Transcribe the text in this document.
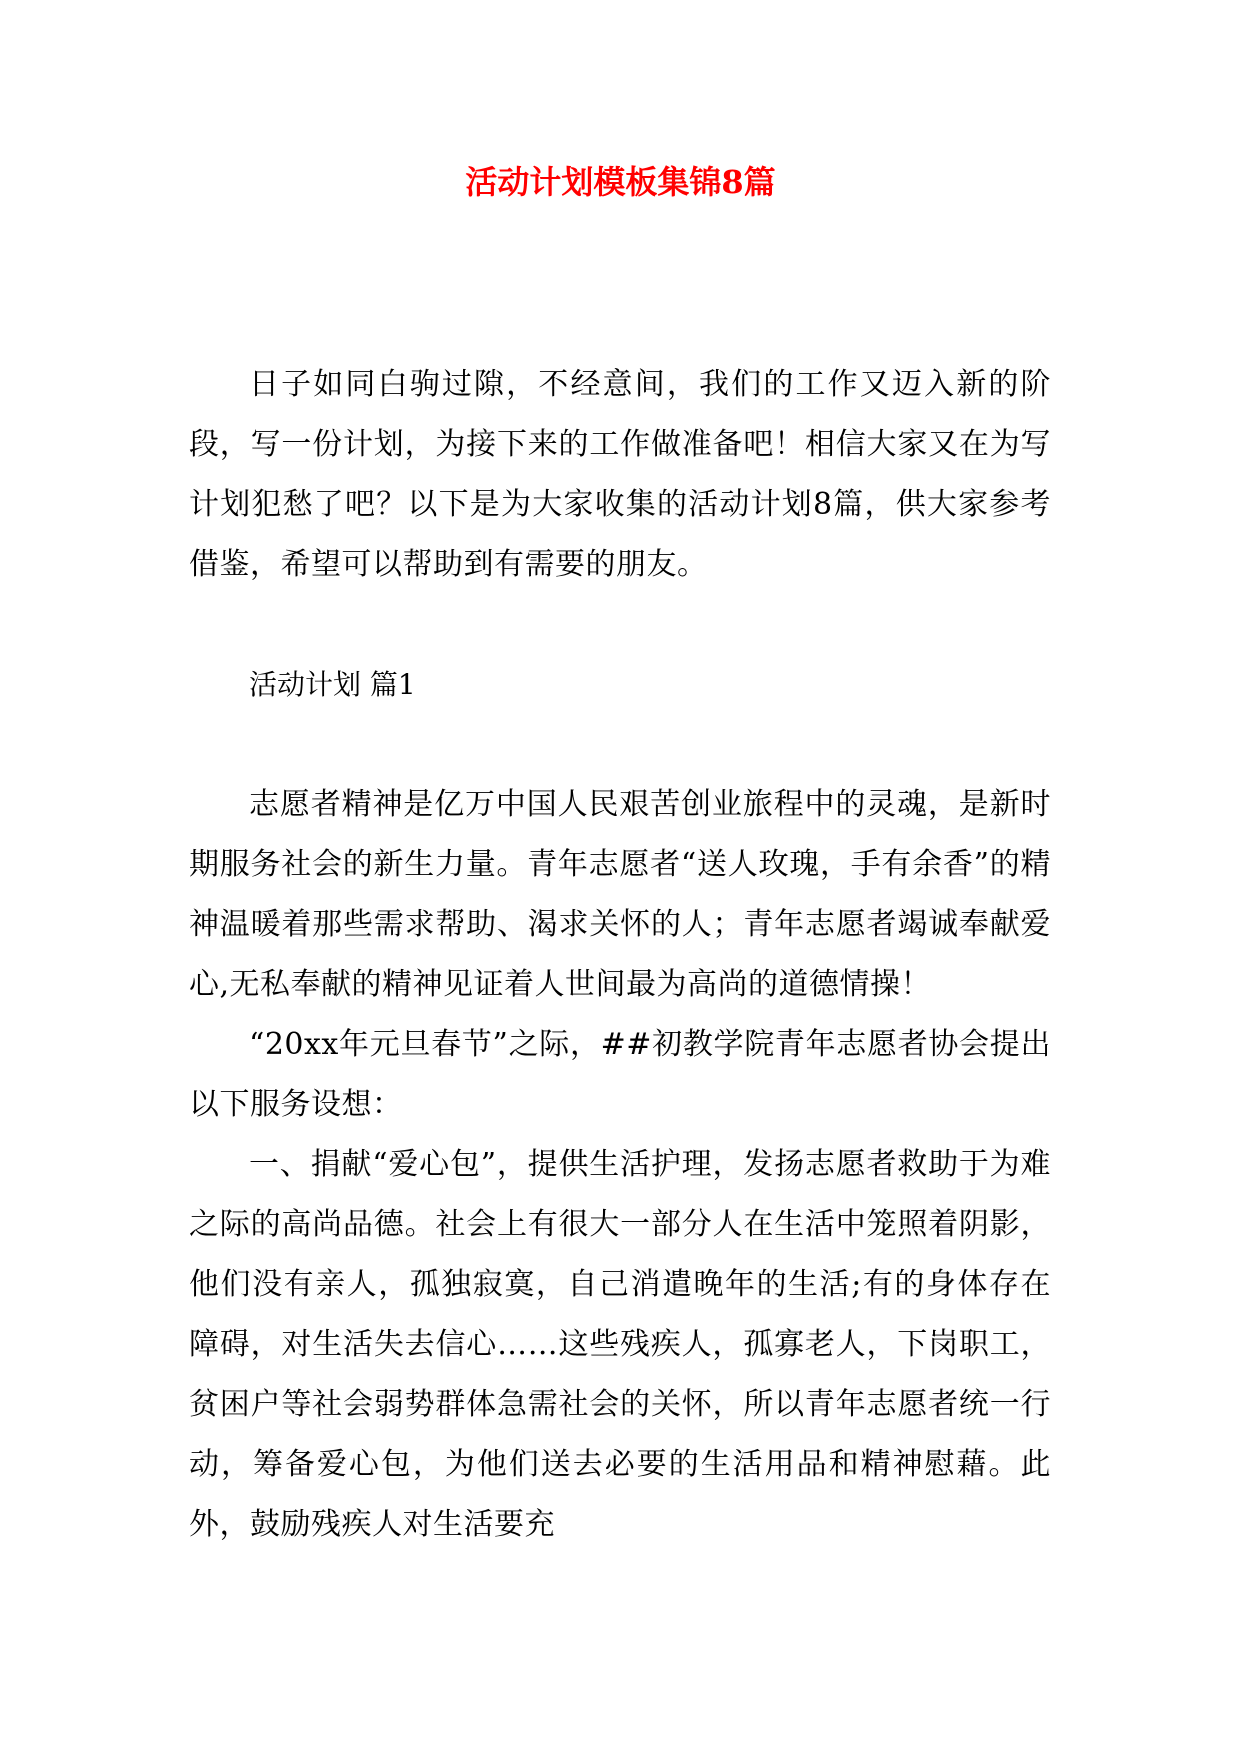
活动计划模板集锦8篇

日子如同白驹过隙，不经意间，我们的工作又迈入新的阶段，写一份计划，为接下来的工作做准备吧！相信大家又在为写计划犯愁了吧？以下是为大家收集的活动计划8篇，供大家参考借鉴，希望可以帮助到有需要的朋友。

活动计划 篇1

志愿者精神是亿万中国人民艰苦创业旅程中的灵魂，是新时期服务社会的新生力量。青年志愿者“送人玫瑰，手有余香”的精神温暖着那些需求帮助、渴求关怀的人；青年志愿者竭诚奉献爱心,无私奉献的精神见证着人世间最为高尚的道德情操！

“20xx年元旦春节”之际，##初教学院青年志愿者协会提出以下服务设想：

一、捐献“爱心包”，提供生活护理，发扬志愿者救助于为难之际的高尚品德。社会上有很大一部分人在生活中笼照着阴影，他们没有亲人，孤独寂寞，自己消遣晚年的生活;有的身体存在障碍，对生活失去信心……这些残疾人，孤寡老人，下岗职工，贫困户等社会弱势群体急需社会的关怀，所以青年志愿者统一行动，筹备爱心包，为他们送去必要的生活用品和精神慰藉。此外，鼓励残疾人对生活要充
